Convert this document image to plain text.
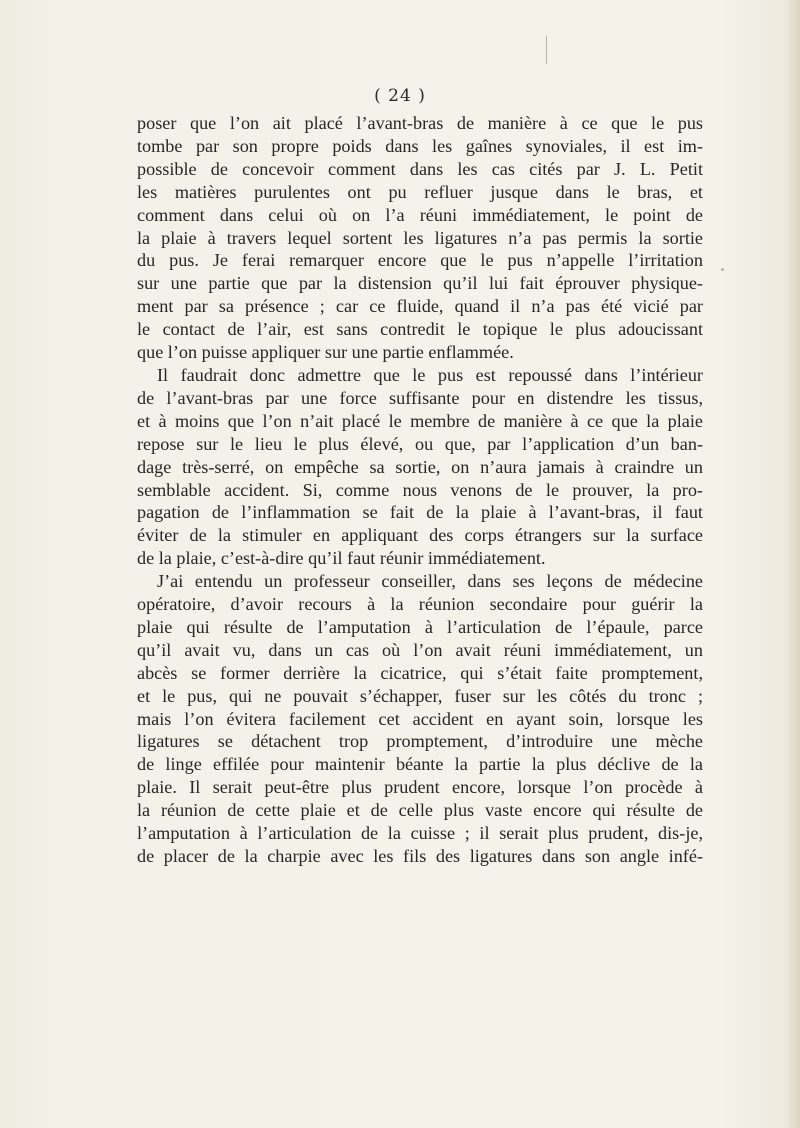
( 24 )
poser que l’on ait placé l’avant-bras de manière à ce que le pus
tombe par son propre poids dans les gaînes synoviales, il est im-
possible de concevoir comment dans les cas cités par J. L. Petit
les matières purulentes ont pu refluer jusque dans le bras, et
comment dans celui où on l’a réuni immédiatement, le point de
la plaie à travers lequel sortent les ligatures n’a pas permis la sortie
du pus. Je ferai remarquer encore que le pus n’appelle l’irritation
sur une partie que par la distension qu’il lui fait éprouver physique-
ment par sa présence ; car ce fluide, quand il n’a pas été vicié par
le contact de l’air, est sans contredit le topique le plus adoucissant
que l’on puisse appliquer sur une partie enflammée.
Il faudrait donc admettre que le pus est repoussé dans l’intérieur
de l’avant-bras par une force suffisante pour en distendre les tissus,
et à moins que l’on n’ait placé le membre de manière à ce que la plaie
repose sur le lieu le plus élevé, ou que, par l’application d’un ban-
dage très-serré, on empêche sa sortie, on n’aura jamais à craindre un
semblable accident. Si, comme nous venons de le prouver, la pro-
pagation de l’inflammation se fait de la plaie à l’avant-bras, il faut
éviter de la stimuler en appliquant des corps étrangers sur la surface
de la plaie, c’est-à-dire qu’il faut réunir immédiatement.
J’ai entendu un professeur conseiller, dans ses leçons de médecine
opératoire, d’avoir recours à la réunion secondaire pour guérir la
plaie qui résulte de l’amputation à l’articulation de l’épaule, parce
qu’il avait vu, dans un cas où l’on avait réuni immédiatement, un
abcès se former derrière la cicatrice, qui s’était faite promptement,
et le pus, qui ne pouvait s’échapper, fuser sur les côtés du tronc ;
mais l’on évitera facilement cet accident en ayant soin, lorsque les
ligatures se détachent trop promptement, d’introduire une mèche
de linge effilée pour maintenir béante la partie la plus déclive de la
plaie. Il serait peut-être plus prudent encore, lorsque l’on procède à
la réunion de cette plaie et de celle plus vaste encore qui résulte de
l’amputation à l’articulation de la cuisse ; il serait plus prudent, dis-je,
de placer de la charpie avec les fils des ligatures dans son angle infé-
